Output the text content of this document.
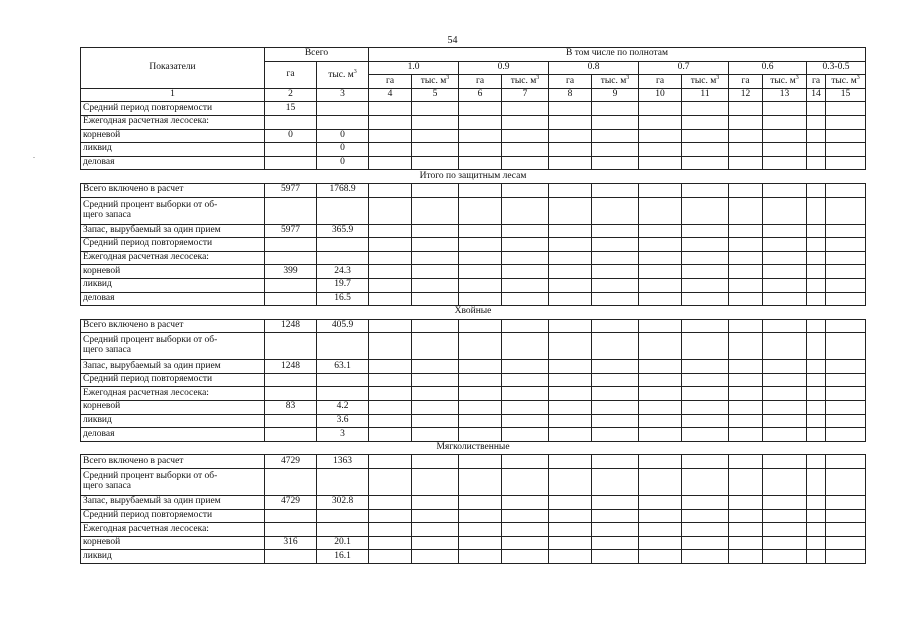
54
-
Показатели	Всего		В том числе по полнотам											
	га	тыс. $м^3$	1.0		0.9		0.8		0.7		0.6		0.3-0.5	
			га	тыс. $м^3$	га	тыс. $м^3$	га	тыс. $м^3$	га	тыс. $м^3$	га	тыс. $м^3$	га	тыс. $м^3$
1	2	3	4	5	6	7	8	9	10	11	12	13	14	15
Средний период повторяемости	15													
Ежегодная расчетная лесосека:														
корневой	0	0												
ликвид		0												
деловая		0												
Итого по защитным лесам														
Всего включено в расчет	5977	1768.9												
Средний процент выборки от об-
щего запаса														
Запас, вырубаемый за один прием	5977	365.9												
Средний период повторяемости														
Ежегодная расчетная лесосека:														
корневой	399	24.3												
ликвид		19.7												
деловая		16.5												
Хвойные														
Всего включено в расчет	1248	405.9												
Средний процент выборки от об-
щего запаса														
Запас, вырубаемый за один прием	1248	63.1												
Средний период повторяемости														
Ежегодная расчетная лесосека:														
корневой	83	4.2												
ликвид		3.6												
деловая		3												
Мягколиственные														
Всего включено в расчет	4729	1363												
Средний процент выборки от об-
щего запаса														
Запас, вырубаемый за один прием	4729	302.8												
Средний период повторяемости														
Ежегодная расчетная лесосека:														
корневой	316	20.1												
ликвид		16.1												
